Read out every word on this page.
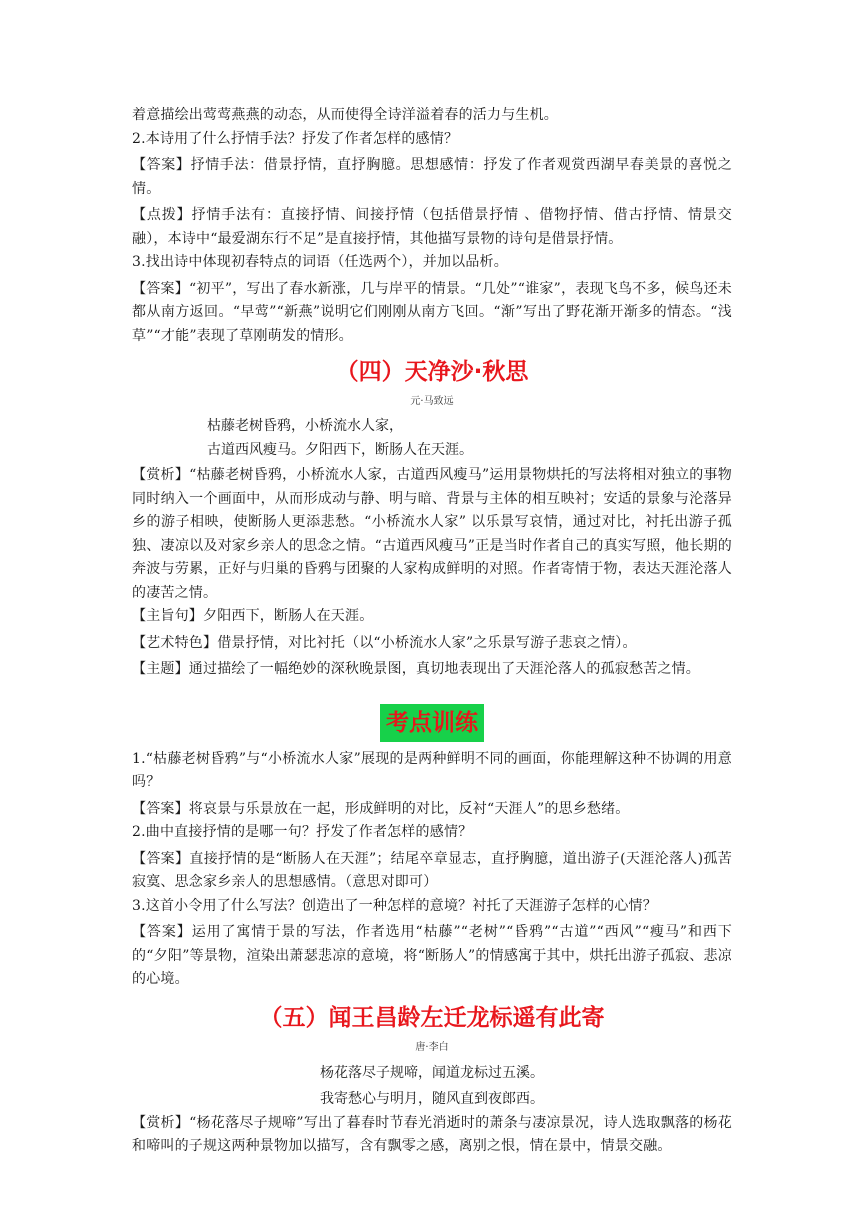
着意描绘出莺莺燕燕的动态，从而使得全诗洋溢着春的活力与生机。

2.本诗用了什么抒情手法？抒发了作者怎样的感情？

【答案】抒情手法：借景抒情，直抒胸臆。思想感情：抒发了作者观赏西湖早春美景的喜悦之情。

【点拨】抒情手法有：直接抒情、间接抒情（包括借景抒情 、借物抒情、借古抒情、情景交融），本诗中“最爱湖东行不足”是直接抒情，其他描写景物的诗句是借景抒情。

3.找出诗中体现初春特点的词语（任选两个），并加以品析。

【答案】“初平”，写出了春水新涨，几与岸平的情景。“几处”“谁家”，表现飞鸟不多，候鸟还未都从南方返回。“早莺”“新燕”说明它们刚刚从南方飞回。“渐”写出了野花渐开渐多的情态。“浅草”“才能”表现了草刚萌发的情形。

（四）天净沙·秋思

元·马致远

枯藤老树昏鸦，小桥流水人家，

古道西风瘦马。夕阳西下，断肠人在天涯。

【赏析】“枯藤老树昏鸦，小桥流水人家，古道西风瘦马”运用景物烘托的写法将相对独立的事物同时纳入一个画面中，从而形成动与静、明与暗、背景与主体的相互映衬；安适的景象与沦落异乡的游子相映，使断肠人更添悲愁。“小桥流水人家” 以乐景写哀情，通过对比，衬托出游子孤独、凄凉以及对家乡亲人的思念之情。“古道西风瘦马”正是当时作者自己的真实写照，他长期的奔波与劳累，正好与归巢的昏鸦与团聚的人家构成鲜明的对照。作者寄情于物，表达天涯沦落人的凄苦之情。

【主旨句】夕阳西下，断肠人在天涯。

【艺术特色】借景抒情，对比衬托（以“小桥流水人家”之乐景写游子悲哀之情）。

【主题】通过描绘了一幅绝妙的深秋晚景图，真切地表现出了天涯沦落人的孤寂愁苦之情。

考点训练

1.“枯藤老树昏鸦”与“小桥流水人家”展现的是两种鲜明不同的画面，你能理解这种不协调的用意吗？

【答案】将哀景与乐景放在一起，形成鲜明的对比，反衬“天涯人”的思乡愁绪。

2.曲中直接抒情的是哪一句？抒发了作者怎样的感情？

【答案】直接抒情的是“断肠人在天涯”；结尾卒章显志，直抒胸臆，道出游子(天涯沦落人)孤苦寂寞、思念家乡亲人的思想感情。（意思对即可）

3.这首小令用了什么写法？创造出了一种怎样的意境？衬托了天涯游子怎样的心情？

【答案】运用了寓情于景的写法，作者选用“枯藤”“老树”“昏鸦”“古道”“西风”“瘦马”和西下的“夕阳”等景物，渲染出萧瑟悲凉的意境，将“断肠人”的情感寓于其中，烘托出游子孤寂、悲凉的心境。

（五）闻王昌龄左迁龙标遥有此寄

唐·李白

杨花落尽子规啼，闻道龙标过五溪。

我寄愁心与明月，随风直到夜郎西。

【赏析】“杨花落尽子规啼”写出了暮春时节春光消逝时的萧条与凄凉景况，诗人选取飘落的杨花和啼叫的子规这两种景物加以描写，含有飘零之感，离别之恨，情在景中，情景交融。
